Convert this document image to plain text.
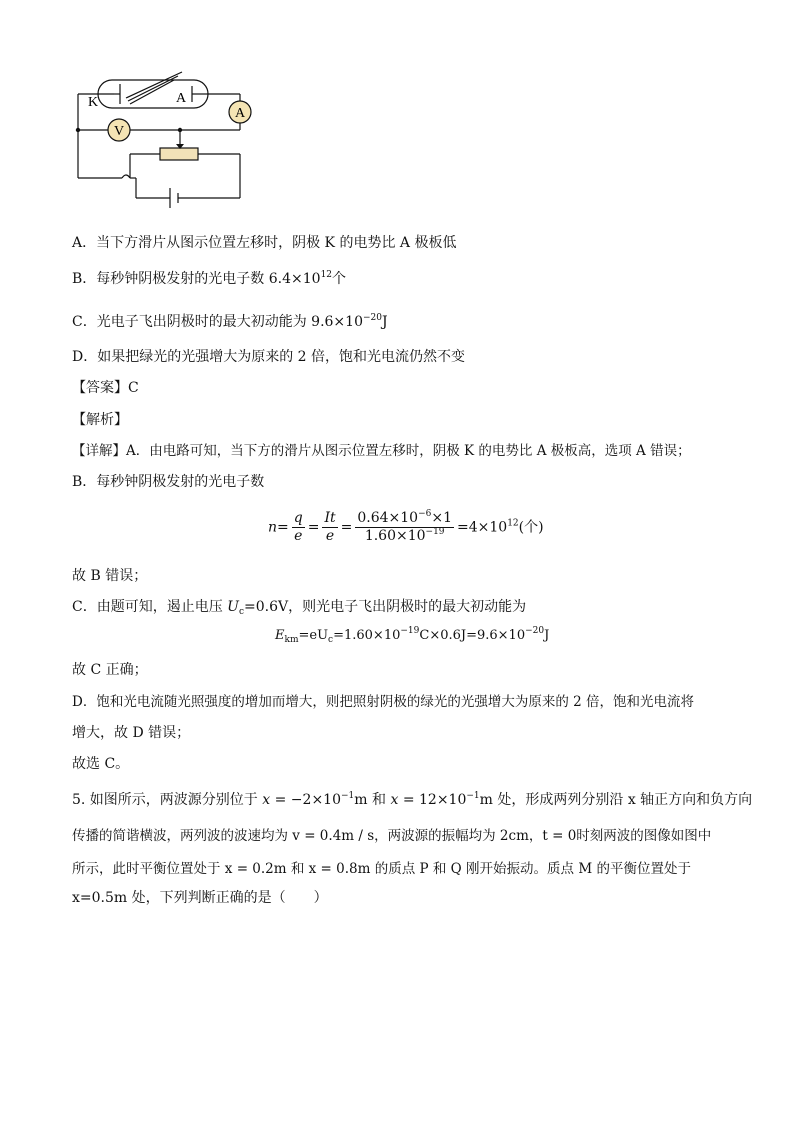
V
A
K	A
A．当下方滑片从图示位置左移时，阴极 K 的电势比 A 极板低
B．每秒钟阴极发射的光电子数 $6.4\times 10^{12}$个
C．光电子飞出阴极时的最大初动能为 $9.6\times 10^{-20}J$
D．如果把绿光的光强增大为原来的 2 倍，饱和光电流仍然不变
【答案】C
【解析】
【详解】A．由电路可知，当下方的滑片从图示位置左移时，阴极 K 的电势比 A 极板高，选项 A 错误；
B．每秒钟阴极发射的光电子数
$n= \frac{q}{e} = \frac{It}{e} = \frac{0.64\times 10^{-6}\times 1}{1.60\times 10^{-19}} =4\times 10^{12}$(个)
故 B 错误；
C．由题可知，遏止电压 $U_c=0.6V$，则光电子飞出阴极时的最大初动能为
$E_{km}=eU_c=1.60\times 10^{-19}C\times 0.6J=9.6\times 10^{-20}J$
故 C 正确；
D．饱和光电流随光照强度的增加而增大，则把照射阴极的绿光的光强增大为原来的 2 倍，饱和光电流将
增大，故 D 错误；
故选 C。
5. 如图所示，两波源分别位于 $x = -2\times 10^{-1}m$ 和 $x = 12\times 10^{-1}m$ 处，形成两列分别沿 x 轴正方向和负方向
传播的简谐横波，两列波的波速均为 v = 0.4m / s，两波源的振幅均为 2cm，t = 0时刻两波的图像如图中
所示，此时平衡位置处于 x = 0.2m 和 x = 0.8m 的质点 P 和 Q 刚开始振动。质点 M 的平衡位置处于
x=0.5m 处，下列判断正确的是（　　）
